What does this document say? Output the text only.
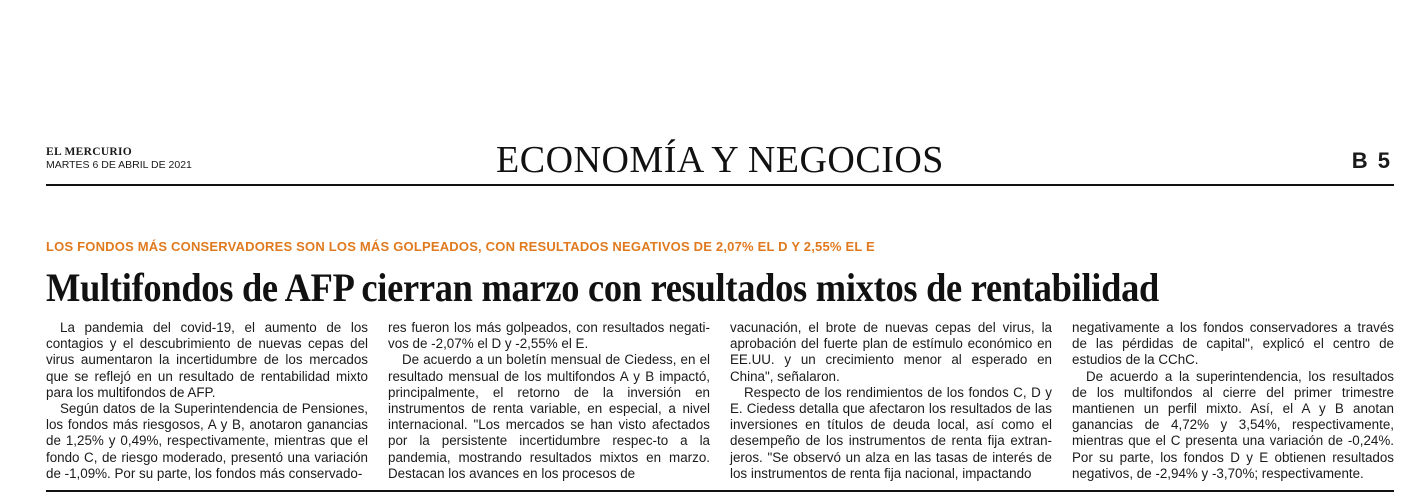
EL MERCURIO
MARTES 6 DE ABRIL DE 2021	ECONOMÍA Y NEGOCIOS	B 5
LOS FONDOS MÁS CONSERVADORES SON LOS MÁS GOLPEADOS, CON RESULTADOS NEGATIVOS DE 2,07% EL D Y 2,55% EL E
Multifondos de AFP cierran marzo con resultados mixtos de rentabilidad

La pandemia del covid-19, el aumento de los contagios y el descubrimiento de nuevas cepas del virus aumentaron la incertidumbre de los mercados que se reflejó en un resultado de rentabilidad mixto para los multifondos de AFP.

Según datos de la Superintendencia de Pensiones, los fondos más riesgosos, A y B, anotaron ganancias de 1,25% y 0,49%, respectivamente, mientras que el fondo C, de riesgo moderado, presentó una variación de -1,09%. Por su parte, los fondos más conservado-

res fueron los más golpeados, con resultados negati-vos de -2,07% el D y -2,55% el E.

De acuerdo a un boletín mensual de Ciedess, en el resultado mensual de los multifondos A y B impactó, principalmente, el retorno de la inversión en instrumentos de renta variable, en especial, a nivel internacional. "Los mercados se han visto afectados por la persistente incertidumbre respec-to a la pandemia, mostrando resultados mixtos en marzo. Destacan los avances en los procesos de

vacunación, el brote de nuevas cepas del virus, la aprobación del fuerte plan de estímulo económico en EE.UU. y un crecimiento menor al esperado en China", señalaron.

Respecto de los rendimientos de los fondos C, D y E. Ciedess detalla que afectaron los resultados de las inversiones en títulos de deuda local, así como el desempeño de los instrumentos de renta fija extran-jeros. "Se observó un alza en las tasas de interés de los instrumentos de renta fija nacional, impactando

negativamente a los fondos conservadores a través de las pérdidas de capital", explicó el centro de estudios de la CChC.

De acuerdo a la superintendencia, los resultados de los multifondos al cierre del primer trimestre mantienen un perfil mixto. Así, el A y B anotan ganancias de 4,72% y 3,54%, respectivamente, mientras que el C presenta una variación de -0,24%. Por su parte, los fondos D y E obtienen resultados negativos, de -2,94% y -3,70%; respectivamente.
